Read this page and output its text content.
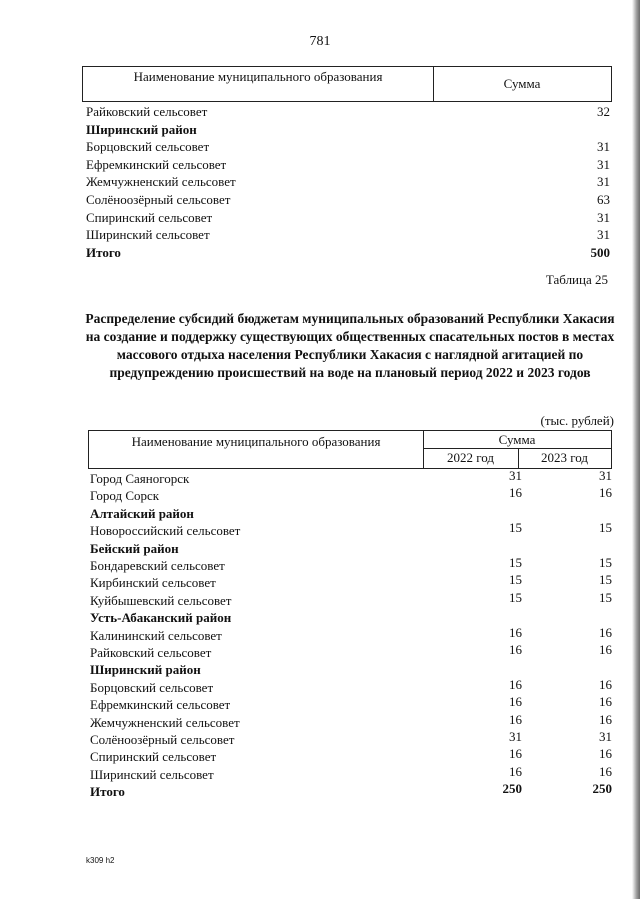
781
Наименование муниципального образования	Сумма
Райковский сельсовет	32
Ширинский район
Борцовский сельсовет	31
Ефремкинский сельсовет	31
Жемчужненский сельсовет	31
Солёноозёрный сельсовет	63
Спиринский сельсовет	31
Ширинский сельсовет	31
Итого	500
Таблица 25
Распределение субсидий бюджетам муниципальных образований Республики Хакасия на создание и поддержку существующих общественных спасательных постов в местах массового отдыха населения Республики Хакасия с наглядной агитацией по предупреждению происшествий на воде на плановый период 2022 и 2023 годов
(тыс. рублей)
Наименование муниципального образования	Сумма
2022 год	2023 год
Город Саяногорск	31	31
Город Сорск	16	16
Алтайский район
Новороссийский сельсовет	15	15
Бейский район
Бондаревский сельсовет	15	15
Кирбинский сельсовет	15	15
Куйбышевский сельсовет	15	15
Усть-Абаканский район
Калининский сельсовет	16	16
Райковский сельсовет	16	16
Ширинский район
Борцовский сельсовет	16	16
Ефремкинский сельсовет	16	16
Жемчужненский сельсовет	16	16
Солёноозёрный сельсовет	31	31
Спиринский сельсовет	16	16
Ширинский сельсовет	16	16
Итого	250	250
k309 h2
